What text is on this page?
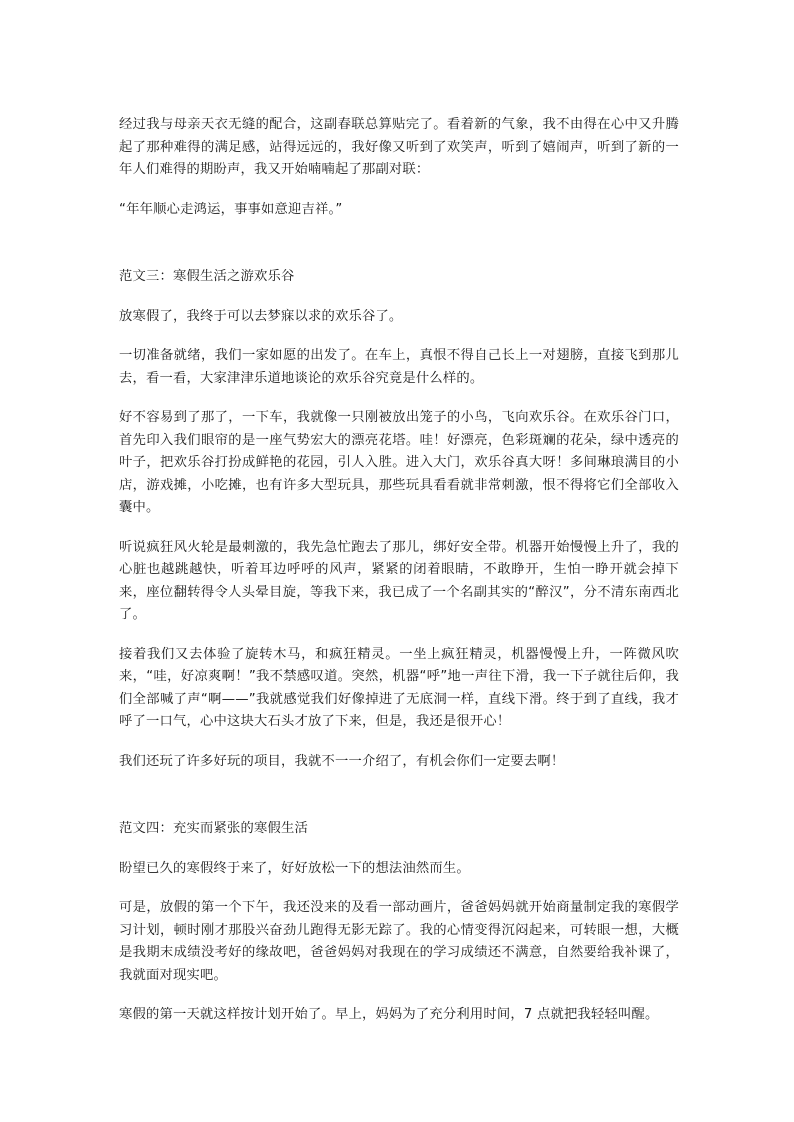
经过我与母亲天衣无缝的配合，这副春联总算贴完了。看着新的气象，我不由得在心中又升腾起了那种难得的满足感，站得远远的，我好像又听到了欢笑声，听到了嬉闹声，听到了新的一年人们难得的期盼声，我又开始喃喃起了那副对联：

“年年顺心走鸿运，事事如意迎吉祥。”

范文三：寒假生活之游欢乐谷

放寒假了，我终于可以去梦寐以求的欢乐谷了。

一切准备就绪，我们一家如愿的出发了。在车上，真恨不得自己长上一对翅膀，直接飞到那儿去，看一看，大家津津乐道地谈论的欢乐谷究竟是什么样的。

好不容易到了那了，一下车，我就像一只刚被放出笼子的小鸟，飞向欢乐谷。在欢乐谷门口，首先印入我们眼帘的是一座气势宏大的漂亮花塔。哇！好漂亮，色彩斑斓的花朵，绿中透亮的叶子，把欢乐谷打扮成鲜艳的花园，引人入胜。进入大门，欢乐谷真大呀！多间琳琅满目的小店，游戏摊，小吃摊，也有许多大型玩具，那些玩具看看就非常刺激，恨不得将它们全部收入囊中。

听说疯狂风火轮是最刺激的，我先急忙跑去了那儿，绑好安全带。机器开始慢慢上升了，我的心脏也越跳越快，听着耳边呼呼的风声，紧紧的闭着眼睛，不敢睁开，生怕一睁开就会掉下来，座位翻转得令人头晕目旋，等我下来，我已成了一个名副其实的“醉汉”，分不清东南西北了。

接着我们又去体验了旋转木马，和疯狂精灵。一坐上疯狂精灵，机器慢慢上升，一阵微风吹来，“哇，好凉爽啊！”我不禁感叹道。突然，机器“呼”地一声往下滑，我一下子就往后仰，我们全部喊了声“啊——”我就感觉我们好像掉进了无底洞一样，直线下滑。终于到了直线，我才呼了一口气，心中这块大石头才放了下来，但是，我还是很开心！

我们还玩了许多好玩的项目，我就不一一介绍了，有机会你们一定要去啊！

范文四：充实而紧张的寒假生活

盼望已久的寒假终于来了，好好放松一下的想法油然而生。

可是，放假的第一个下午，我还没来的及看一部动画片，爸爸妈妈就开始商量制定我的寒假学习计划，顿时刚才那股兴奋劲儿跑得无影无踪了。我的心情变得沉闷起来，可转眼一想，大概是我期末成绩没考好的缘故吧，爸爸妈妈对我现在的学习成绩还不满意，自然要给我补课了，我就面对现实吧。

寒假的第一天就这样按计划开始了。早上，妈妈为了充分利用时间，7 点就把我轻轻叫醒。
